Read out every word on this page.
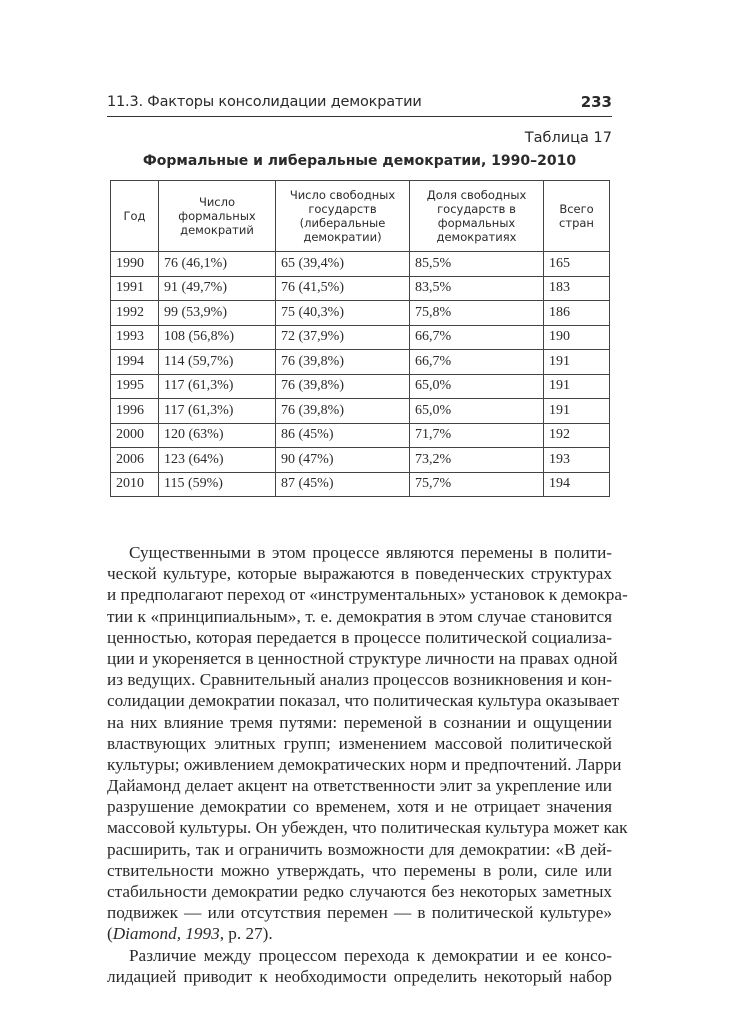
11.3. Факторы консолидации демократии	233
Таблица 17
Формальные и либеральные демократии, 1990–2010
Год	Число формальных демократий	Число свободных государств (либеральные демократии)	Доля свободных государств в формальных демократиях	Всего стран
1990	76 (46,1%)	65 (39,4%)	85,5%	165
1991	91 (49,7%)	76 (41,5%)	83,5%	183
1992	99 (53,9%)	75 (40,3%)	75,8%	186
1993	108 (56,8%)	72 (37,9%)	66,7%	190
1994	114 (59,7%)	76 (39,8%)	66,7%	191
1995	117 (61,3%)	76 (39,8%)	65,0%	191
1996	117 (61,3%)	76 (39,8%)	65,0%	191
2000	120 (63%)	86 (45%)	71,7%	192
2006	123 (64%)	90 (47%)	73,2%	193
2010	115 (59%)	87 (45%)	75,7%	194
Существенными в этом процессе являются перемены в полити-
ческой культуре, которые выражаются в поведенческих структурах
и предполагают переход от «инструментальных» установок к демокра-
тии к «принципиальным», т. е. демократия в этом случае становится
ценностью, которая передается в процессе политической социализа-
ции и укореняется в ценностной структуре личности на правах одной
из ведущих. Сравнительный анализ процессов возникновения и кон-
солидации демократии показал, что политическая культура оказывает
на них влияние тремя путями: переменой в сознании и ощущении
властвующих элитных групп; изменением массовой политической
культуры; оживлением демократических норм и предпочтений. Ларри
Дайамонд делает акцент на ответственности элит за укрепление или
разрушение демократии со временем, хотя и не отрицает значения
массовой культуры. Он убежден, что политическая культура может как
расширить, так и ограничить возможности для демократии: «В дей-
ствительности можно утверждать, что перемены в роли, силе или
стабильности демократии редко случаются без некоторых заметных
подвижек — или отсутствия перемен — в политической культуре»
(Diamond, 1993, p. 27).
Различие между процессом перехода к демократии и ее консо-
лидацией приводит к необходимости определить некоторый набор
